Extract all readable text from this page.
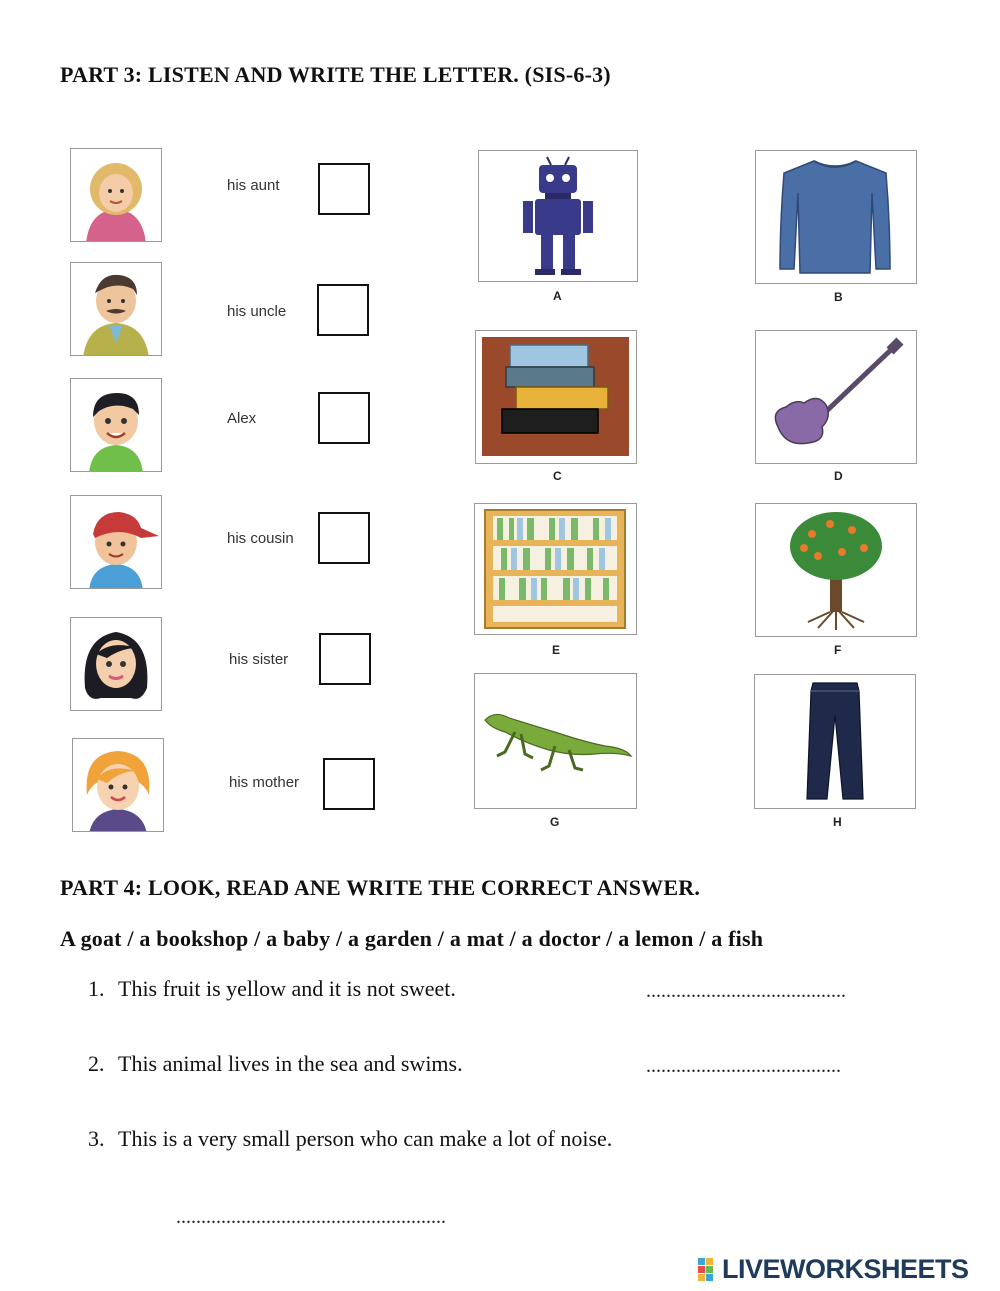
PART 3: LISTEN AND WRITE THE LETTER. (SIS-6-3)
his aunt
his uncle
Alex
his cousin
his sister
his mother
A	B
C	D
E	F
G	H
PART 4: LOOK, READ ANE WRITE THE CORRECT ANSWER.
A goat / a bookshop / a baby / a garden / a mat / a doctor / a lemon / a fish
1. This fruit is yellow and it is not sweet.	........................................
2. This animal lives in the sea and swims.	.......................................
3. This is a very small person who can make a lot of noise.
......................................................
LIVEWORKSHEETS
